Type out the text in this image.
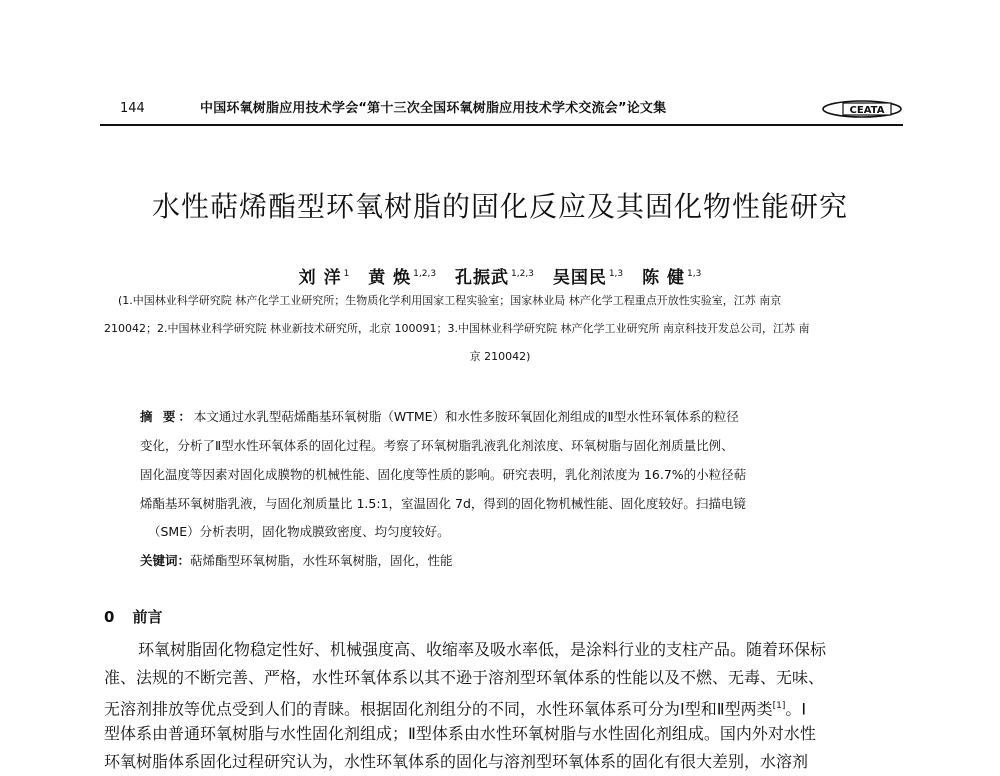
144	中国环氧树脂应用技术学会“第十三次全国环氧树脂应用技术学术交流会”论文集	CEATA
水性萜烯酯型环氧树脂的固化反应及其固化物性能研究
刘 洋 $^1$ 黄 焕 $^{1,2,3}$ 孔振武 $^{1,2,3}$ 吴国民 $^{1,3}$ 陈 健 $^{1,3}$
(1.中国林业科学研究院 林产化学工业研究所；生物质化学利用国家工程实验室；国家林业局 林产化学工程重点开放性实验室，江苏 南京
210042；2.中国林业科学研究院 林业新技术研究所，北京 100091；3.中国林业科学研究院 林产化学工业研究所 南京科技开发总公司，江苏 南
京 210042)
摘 要：本文通过水乳型萜烯酯基环氧树脂（WTME）和水性多胺环氧固化剂组成的Ⅱ型水性环氧体系的粒径
变化，分析了Ⅱ型水性环氧体系的固化过程。考察了环氧树脂乳液乳化剂浓度、环氧树脂与固化剂质量比例、
固化温度等因素对固化成膜物的机械性能、固化度等性质的影响。研究表明，乳化剂浓度为 16.7%的小粒径萜
烯酯基环氧树脂乳液，与固化剂质量比 1.5:1，室温固化 7d，得到的固化物机械性能、固化度较好。扫描电镜
（SME）分析表明，固化物成膜致密度、均匀度较好。
关键词：萜烯酯型环氧树脂，水性环氧树脂，固化，性能
0 前言
环氧树脂固化物稳定性好、机械强度高、收缩率及吸水率低，是涂料行业的支柱产品。随着环保标
准、法规的不断完善、严格，水性环氧体系以其不逊于溶剂型环氧体系的性能以及不燃、无毒、无味、
无溶剂排放等优点受到人们的青睐。根据固化剂组分的不同，水性环氧体系可分为Ⅰ型和Ⅱ型两类[1]。Ⅰ
型体系由普通环氧树脂与水性固化剂组成；Ⅱ型体系由水性环氧树脂与水性固化剂组成。国内外对水性
环氧树脂体系固化过程研究认为，水性环氧体系的固化与溶剂型环氧体系的固化有很大差别，水溶剂
